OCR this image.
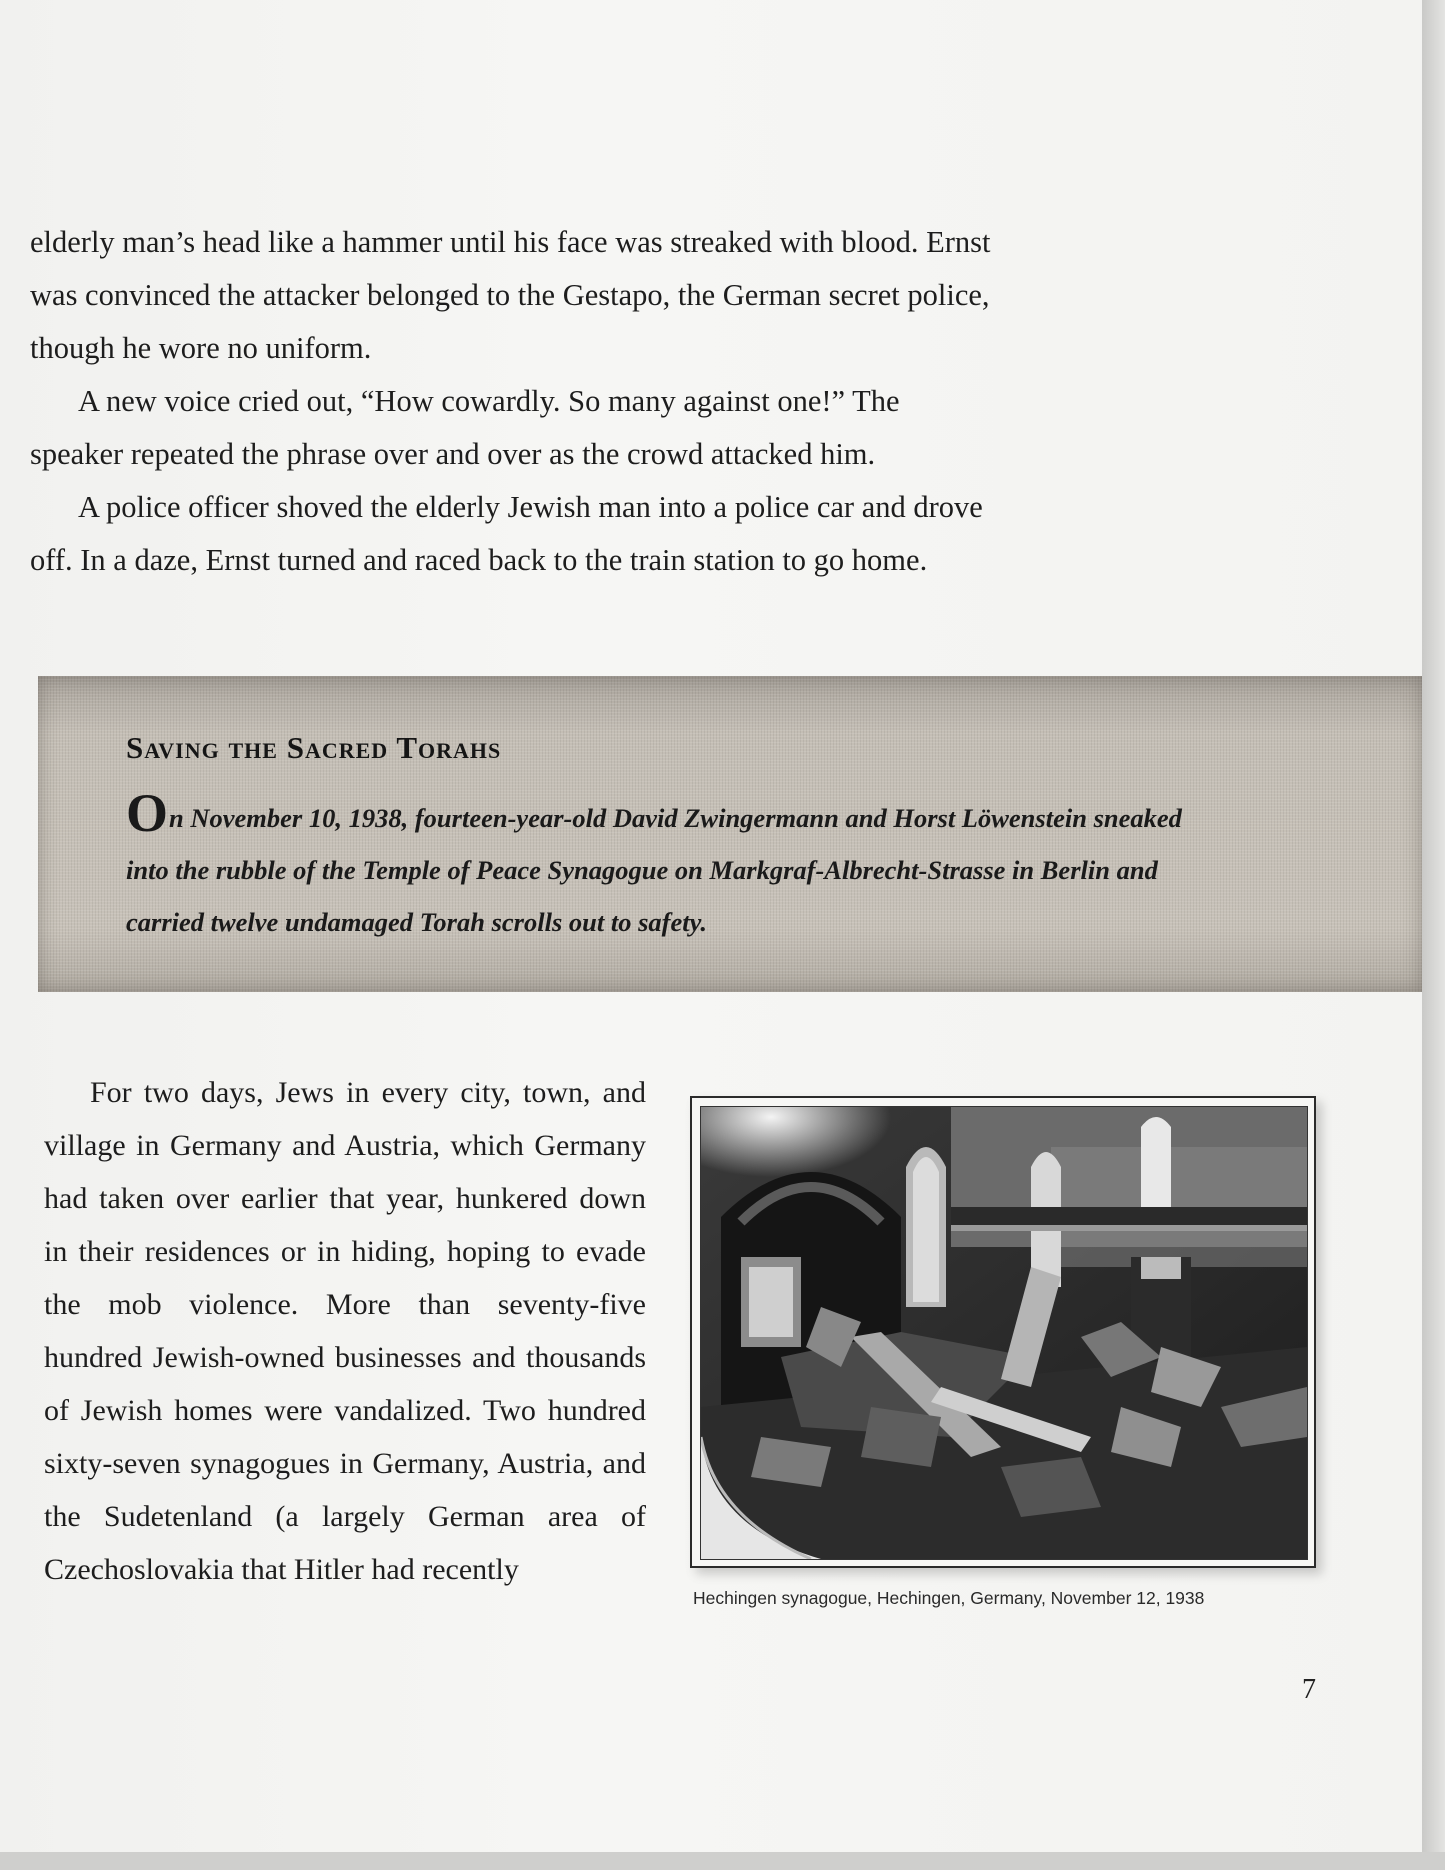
elderly man’s head like a hammer until his face was streaked with blood. Ernst was convinced the attacker belonged to the Gestapo, the German secret police, though he wore no uniform.

A new voice cried out, “How cowardly. So many against one!” The speaker repeated the phrase over and over as the crowd attacked him.

A police officer shoved the elderly Jewish man into a police car and drove off. In a daze, Ernst turned and raced back to the train station to go home.

Saving the Sacred Torahs

On November 10, 1938, fourteen-year-old David Zwingermann and Horst Löwenstein sneaked into the rubble of the Temple of Peace Synagogue on Markgraf-Albrecht-Strasse in Berlin and carried twelve undamaged Torah scrolls out to safety.

For two days, Jews in every city, town, and village in Germany and Austria, which Germany had taken over earlier that year, hunkered down in their residences or in hiding, hoping to evade the mob violence. More than seventy-five hundred Jewish-owned businesses and thousands of Jewish homes were vandalized. Two hundred sixty-seven synagogues in Germany, Austria, and the Sudetenland (a largely German area of Czechoslovakia that Hitler had recently

Hechingen synagogue, Hechingen, Germany, November 12, 1938
7
